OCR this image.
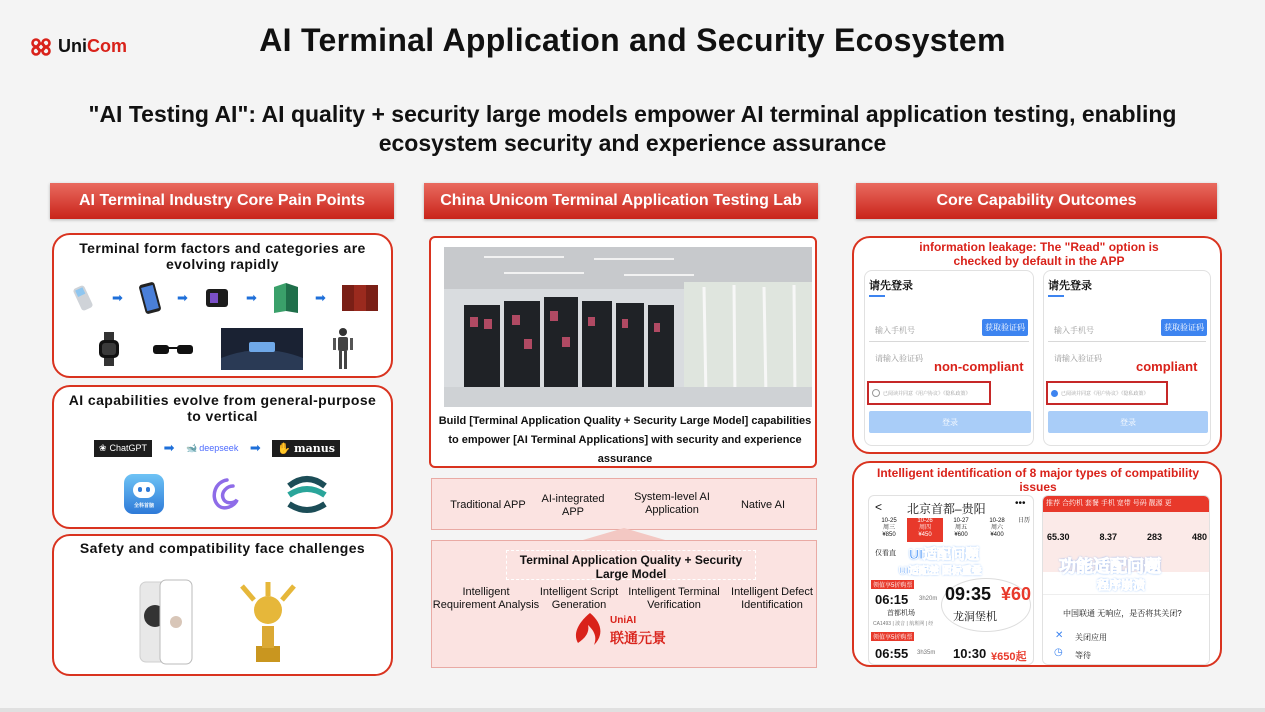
UniCom	AI Terminal Application and Security Ecosystem
"AI Testing AI": AI quality + security large models empower AI terminal application testing, enabling
ecosystem security and experience assurance
AI Terminal Industry Core Pain Points
Terminal form factors and categories are evolving rapidly
➡	➡	➡	➡
AI capabilities evolve from general-purpose to vertical
❀ ChatGPT ➡ 🐋 deepseek ➡ ✋ manus
全科首脑
Safety and compatibility face challenges
China Unicom Terminal Application Testing Lab
Build [Terminal Application Quality + Security Large Model] capabilities to empower [AI Terminal Applications] with security and experience assurance
Traditional APP	AI-integrated APP
System-level AI Application	Native AI
Terminal Application Quality + Security Large Model
Intelligent Requirement Analysis
Intelligent Script Generation
Intelligent Terminal Verification
Intelligent Defect Identification
UniAI
联通元景
Core Capability Outcomes
information leakage: The "Read" option is checked by default in the APP
请先登录
输入手机号	获取验证码
请输入验证码
non-compliant
已阅读并同意《用户协议》《隐私政策》
登录
请先登录
输入手机号	获取验证码
请输入验证码
compliant
已阅读并同意《用户协议》《隐私政策》
登录
Intelligent identification of 8 major types of compatibility issues
< 北京首都–贵阳	•••
10-25
周三
¥850
10-26
周四
¥450
10-27
周五
¥600
10-28
周六
¥400
日历
仅看直 UI适配问题
UI适配差 图标重叠
领值享5折购票
06:15 3h20m 09:35 ¥60
龙洞堡机
首都机场
CA1493 | 波音 | 航班网 | 经
领值享5折购票
06:55 3h35m 10:30 ¥650起
推荐 合约机 套餐 手机 宽带 号码 靓源 更
65.30	8.37	283	480
功能适配问题
程序崩溃
中国联通 无响应，是否将其关闭?
✕ 关闭应用
◷ 等待
